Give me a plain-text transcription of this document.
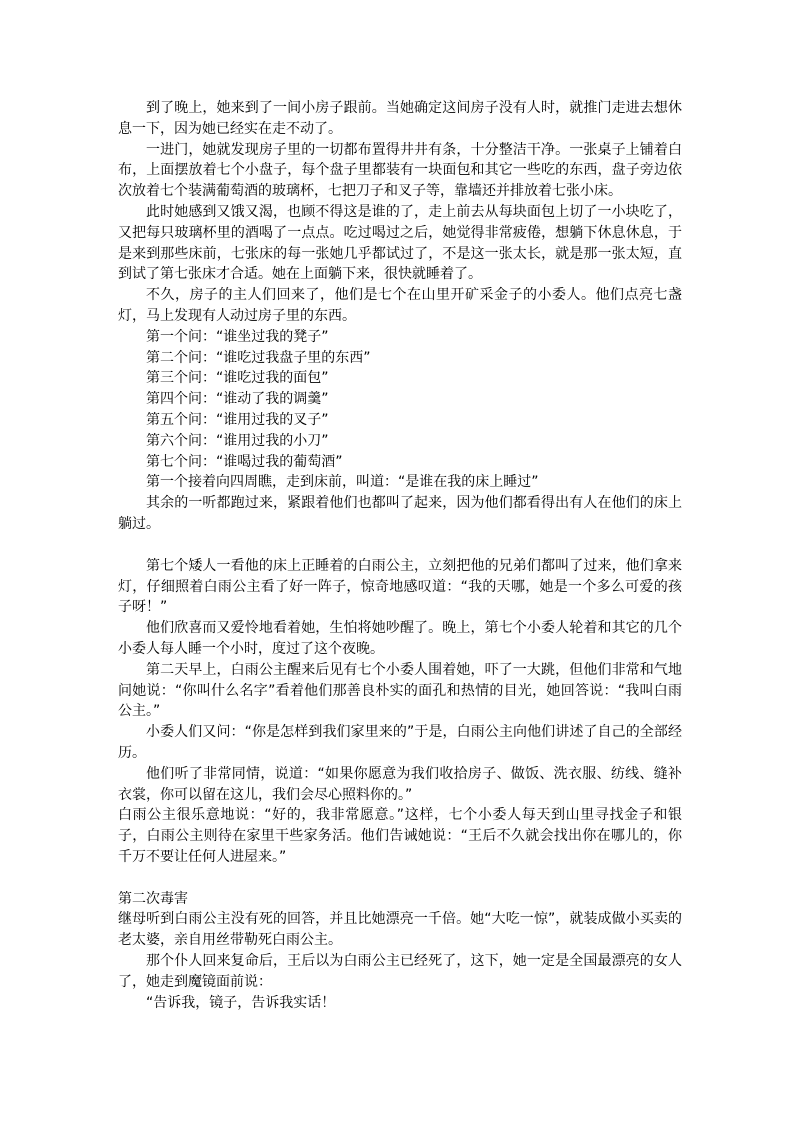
到了晚上，她来到了一间小房子跟前。当她确定这间房子没有人时，就推门走进去想休息一下，因为她已经实在走不动了。

一进门，她就发现房子里的一切都布置得井井有条，十分整洁干净。一张桌子上铺着白布，上面摆放着七个小盘子，每个盘子里都装有一块面包和其它一些吃的东西，盘子旁边依次放着七个装满葡萄酒的玻璃杯，七把刀子和叉子等，靠墙还并排放着七张小床。

此时她感到又饿又渴，也顾不得这是谁的了，走上前去从每块面包上切了一小块吃了，又把每只玻璃杯里的酒喝了一点点。吃过喝过之后，她觉得非常疲倦，想躺下休息休息，于是来到那些床前，七张床的每一张她几乎都试过了，不是这一张太长，就是那一张太短，直到试了第七张床才合适。她在上面躺下来，很快就睡着了。

不久，房子的主人们回来了，他们是七个在山里开矿采金子的小委人。他们点亮七盏灯，马上发现有人动过房子里的东西。

第一个问：“谁坐过我的凳子”

第二个问：“谁吃过我盘子里的东西”

第三个问：“谁吃过我的面包”

第四个问：“谁动了我的调羹”

第五个问：“谁用过我的叉子”

第六个问：“谁用过我的小刀”

第七个问：“谁喝过我的葡萄酒”

第一个接着向四周瞧，走到床前，叫道：“是谁在我的床上睡过”

其余的一听都跑过来，紧跟着他们也都叫了起来，因为他们都看得出有人在他们的床上躺过。

第七个矮人一看他的床上正睡着的白雨公主，立刻把他的兄弟们都叫了过来，他们拿来灯，仔细照着白雨公主看了好一阵子，惊奇地感叹道：“我的天哪，她是一个多么可爱的孩子呀！”

他们欣喜而又爱怜地看着她，生怕将她吵醒了。晚上，第七个小委人轮着和其它的几个小委人每人睡一个小时，度过了这个夜晚。

第二天早上，白雨公主醒来后见有七个小委人围着她，吓了一大跳，但他们非常和气地问她说：“你叫什么名字”看着他们那善良朴实的面孔和热情的目光，她回答说：“我叫白雨公主。”

小委人们又问：“你是怎样到我们家里来的”于是，白雨公主向他们讲述了自己的全部经历。

他们听了非常同情，说道：“如果你愿意为我们收拾房子、做饭、洗衣服、纺线、缝补衣裳，你可以留在这儿，我们会尽心照料你的。”

白雨公主很乐意地说：“好的，我非常愿意。”这样，七个小委人每天到山里寻找金子和银子，白雨公主则待在家里干些家务活。他们告诫她说：“王后不久就会找出你在哪儿的，你千万不要让任何人进屋来。”

第二次毒害

继母听到白雨公主没有死的回答，并且比她漂亮一千倍。她“大吃一惊”，就装成做小买卖的老太婆，亲自用丝带勒死白雨公主。

那个仆人回来复命后，王后以为白雨公主已经死了，这下，她一定是全国最漂亮的女人了，她走到魔镜面前说：

“告诉我，镜子，告诉我实话！
